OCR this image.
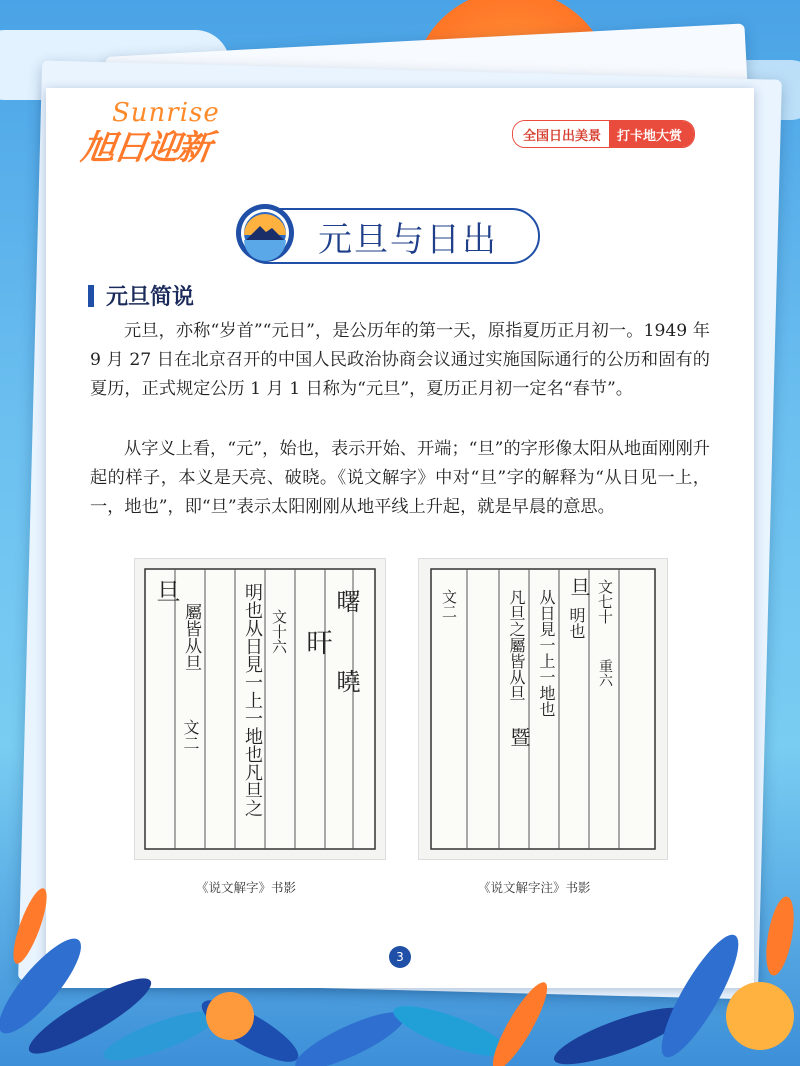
Sunrise
旭日迎新	全国日出美景	打卡地大赏
元旦与日出
元旦简说

元旦，亦称“岁首”“元日”，是公历年的第一天，原指夏历正月初一。1949 年 9 月 27 日在北京召开的中国人民政治协商会议通过实施国际通行的公历和固有的夏历，正式规定公历 1 月 1 日称为“元旦”，夏历正月初一定名“春节”。

从字义上看，“元”，始也，表示开始、开端；“旦”的字形像太阳从地面刚刚升起的样子，本义是天亮、破晓。《说文解字》中对“旦”字的解释为“从日见一上，一，地也”，即“旦”表示太阳刚刚从地平线上升起，就是早晨的意思。

旦	明也从日見一上一地也凡旦之
屬皆从旦
文二
文十六 旰
曙
曉
文七十
重六
旦
明也
从日見一上一地也
凡旦之屬皆从旦
暨
文二
《说文解字》书影	《说文解字注》书影
3
